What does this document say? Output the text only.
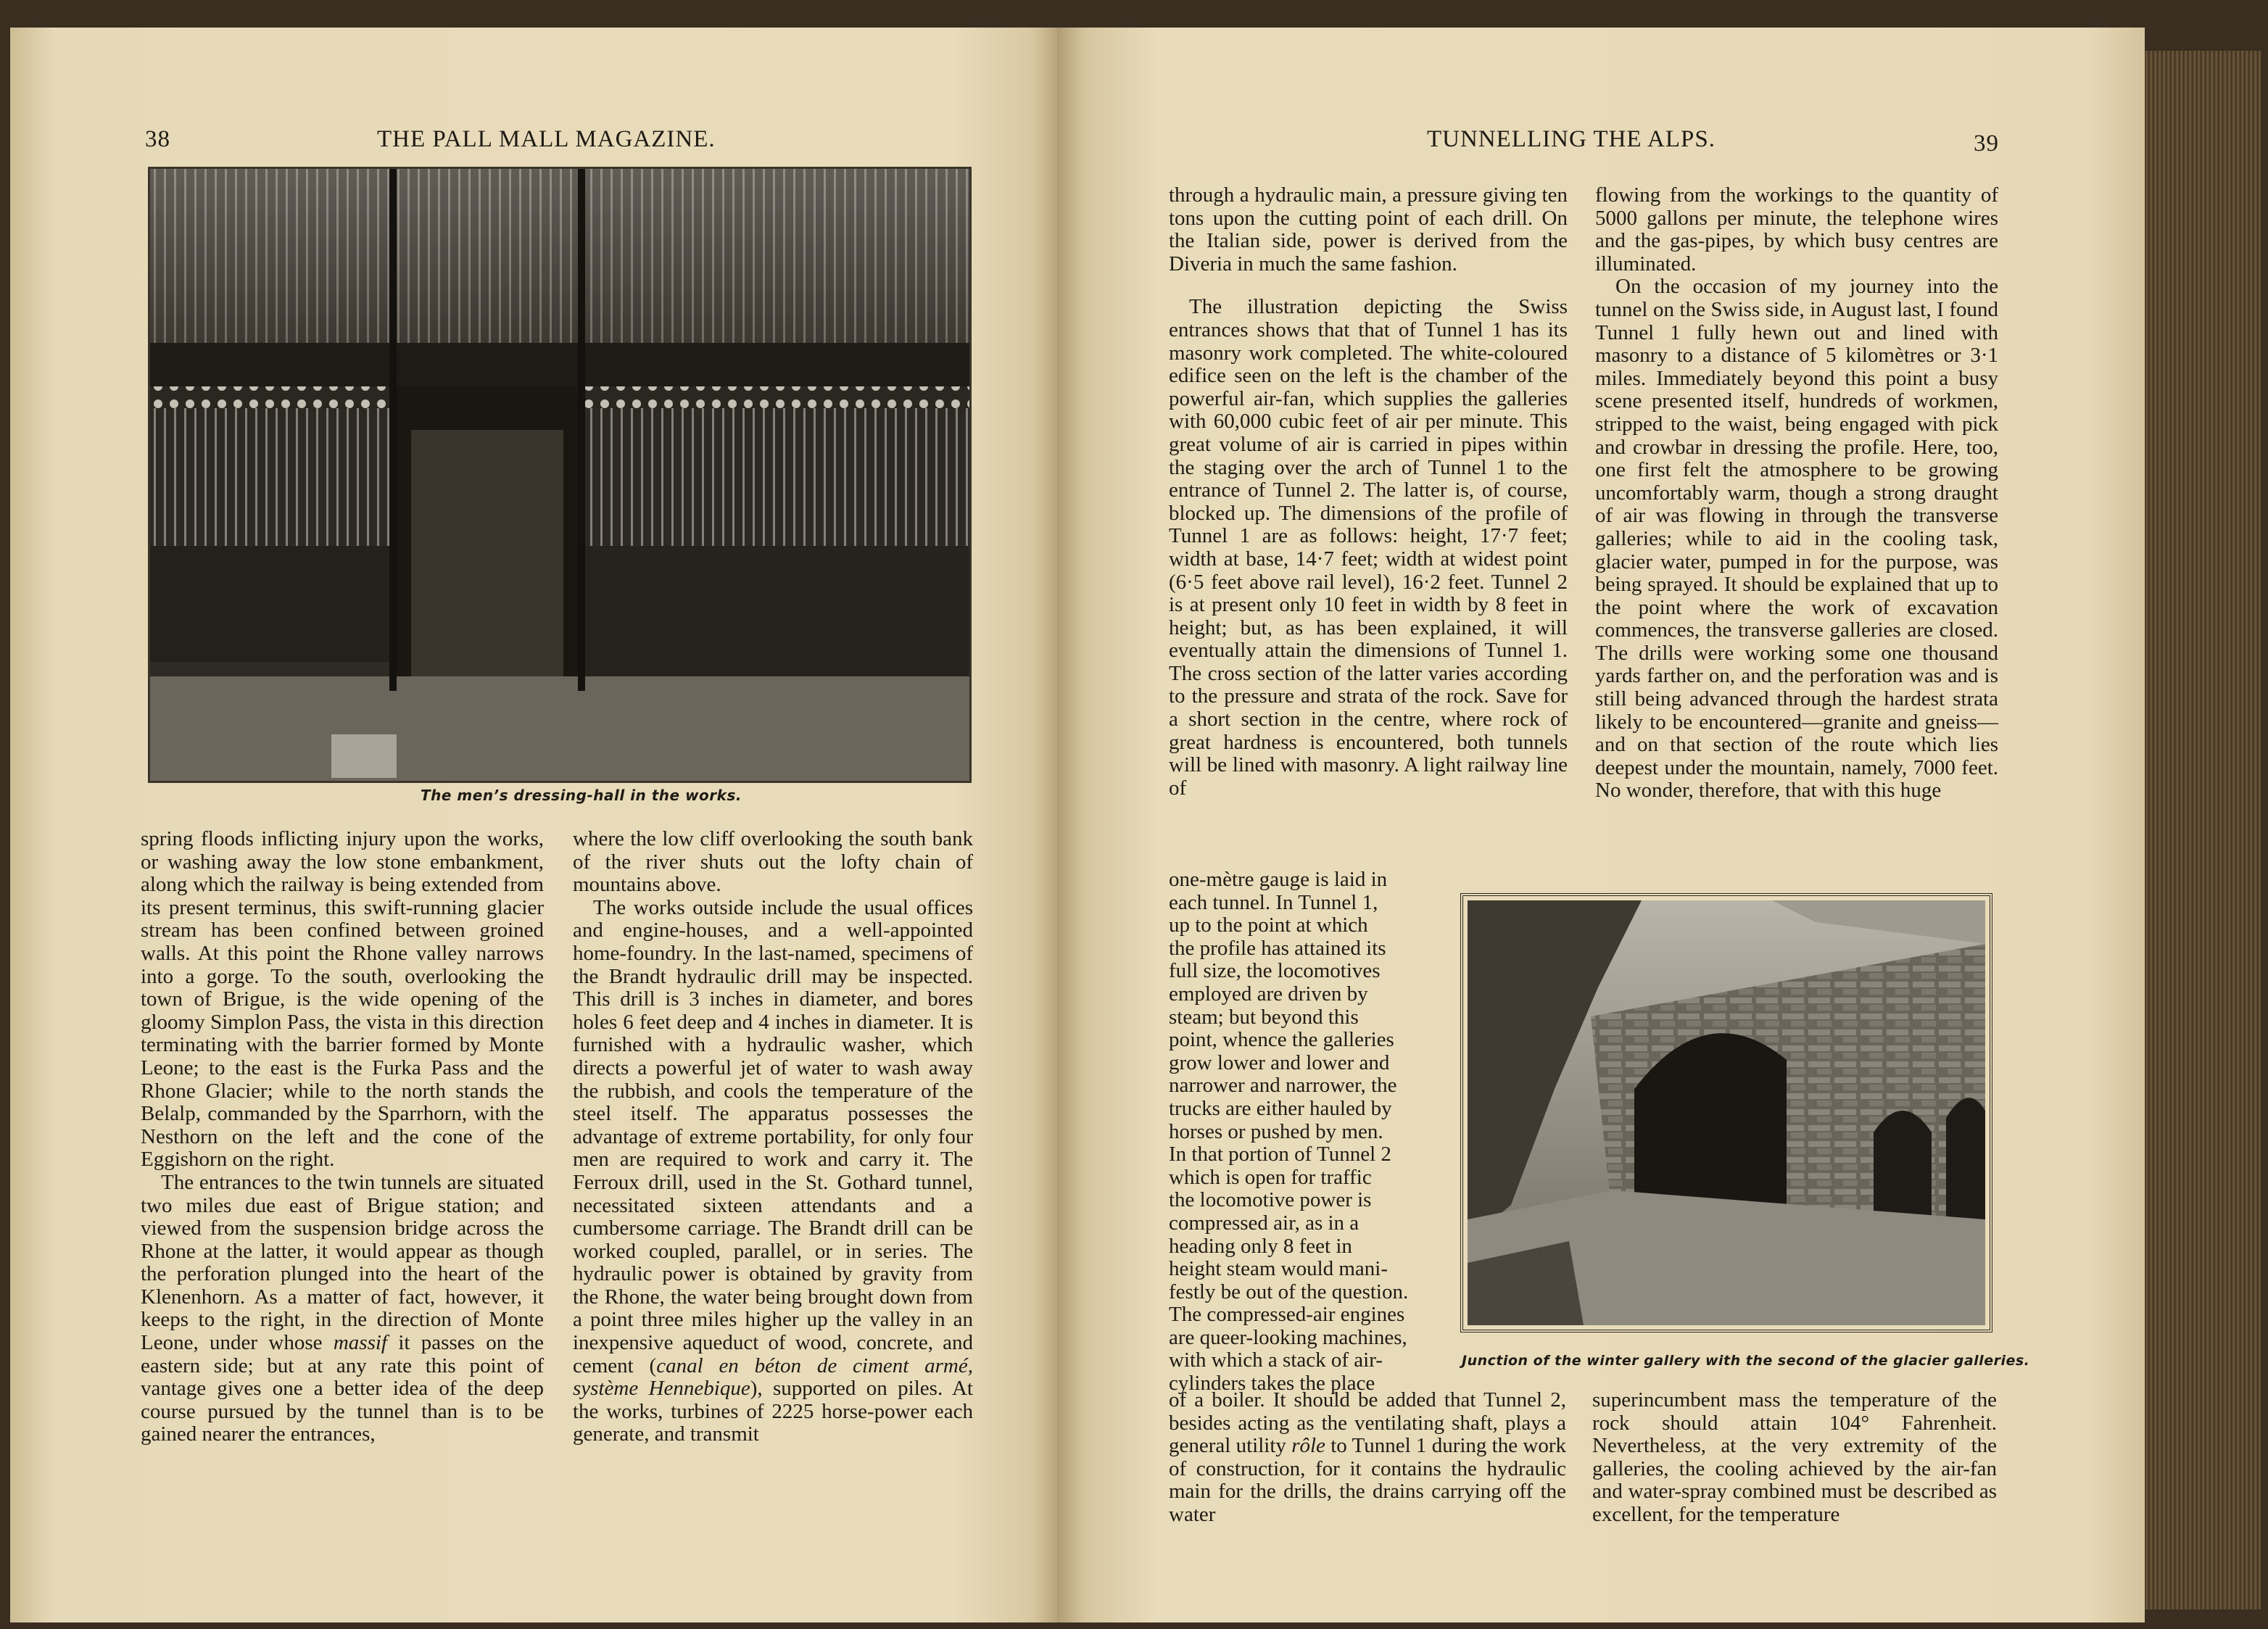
38	THE PALL MALL MAGAZINE.
The men’s dressing-hall in the works.

spring floods inflicting injury upon the works, or washing away the low stone embankment, along which the railway is being extended from its present terminus, this swift-running glacier stream has been confined between groined walls. At this point the Rhone valley narrows into a gorge. To the south, overlooking the town of Brigue, is the wide opening of the gloomy Simplon Pass, the vista in this direction terminating with the barrier formed by Monte Leone; to the east is the Furka Pass and the Rhone Glacier; while to the north stands the Belalp, commanded by the Sparrhorn, with the Nesthorn on the left and the cone of the Eggishorn on the right.

The entrances to the twin tunnels are situated two miles due east of Brigue station; and viewed from the suspension bridge across the Rhone at the latter, it would appear as though the perforation plunged into the heart of the Klenenhorn. As a matter of fact, however, it keeps to the right, in the direction of Monte Leone, under whose massif it passes on the eastern side; but at any rate this point of vantage gives one a better idea of the deep course pursued by the tunnel than is to be gained nearer the entrances,

where the low cliff overlooking the south bank of the river shuts out the lofty chain of mountains above.

The works outside include the usual offices and engine-houses, and a well-appointed home-foundry. In the last-named, specimens of the Brandt hydraulic drill may be inspected. This drill is 3 inches in diameter, and bores holes 6 feet deep and 4 inches in diameter. It is furnished with a hydraulic washer, which directs a powerful jet of water to wash away the rubbish, and cools the temperature of the steel itself. The apparatus possesses the advantage of extreme portability, for only four men are required to work and carry it. The Ferroux drill, used in the St. Gothard tunnel, necessitated sixteen attendants and a cumbersome carriage. The Brandt drill can be worked coupled, parallel, or in series. The hydraulic power is obtained by gravity from the Rhone, the water being brought down from a point three miles higher up the valley in an inexpensive aqueduct of wood, concrete, and cement (canal en béton de ciment armé, système Hennebique), supported on piles. At the works, turbines of 2225 horse-power each generate, and transmit

TUNNELLING THE ALPS.	39

through a hydraulic main, a pressure giving ten tons upon the cutting point of each drill. On the Italian side, power is derived from the Diveria in much the same fashion.

The illustration depicting the Swiss entrances shows that that of Tunnel 1 has its masonry work completed. The white-coloured edifice seen on the left is the chamber of the powerful air-fan, which supplies the galleries with 60,000 cubic feet of air per minute. This great volume of air is carried in pipes within the staging over the arch of Tunnel 1 to the entrance of Tunnel 2. The latter is, of course, blocked up. The dimensions of the profile of Tunnel 1 are as follows: height, 17·7 feet; width at base, 14·7 feet; width at widest point (6·5 feet above rail level), 16·2 feet. Tunnel 2 is at present only 10 feet in width by 8 feet in height; but, as has been explained, it will eventually attain the dimensions of Tunnel 1. The cross section of the latter varies according to the pressure and strata of the rock. Save for a short section in the centre, where rock of great hardness is encountered, both tunnels will be lined with masonry. A light railway line of

one-mètre gauge is laid in
each tunnel. In Tunnel 1,
up to the point at which
the profile has attained its
full size, the locomotives
employed are driven by
steam; but beyond this
point, whence the galleries
grow lower and lower and
narrower and narrower, the
trucks are either hauled by
horses or pushed by men.
In that portion of Tunnel 2
which is open for traffic
the locomotive power is
compressed air, as in a
heading only 8 feet in
height steam would mani-
festly be out of the question.
The compressed-air engines
are queer-looking machines,
with which a stack of air-
cylinders takes the place
Junction of the winter gallery with the second of the glacier galleries.

of a boiler. It should be added that Tunnel 2, besides acting as the ventilating shaft, plays a general utility rôle to Tunnel 1 during the work of construction, for it contains the hydraulic main for the drills, the drains carrying off the water

flowing from the workings to the quantity of 5000 gallons per minute, the telephone wires and the gas-pipes, by which busy centres are illuminated.

On the occasion of my journey into the tunnel on the Swiss side, in August last, I found Tunnel 1 fully hewn out and lined with masonry to a distance of 5 kilomètres or 3·1 miles. Immediately beyond this point a busy scene presented itself, hundreds of workmen, stripped to the waist, being engaged with pick and crowbar in dressing the profile. Here, too, one first felt the atmosphere to be growing uncomfortably warm, though a strong draught of air was flowing in through the transverse galleries; while to aid in the cooling task, glacier water, pumped in for the purpose, was being sprayed. It should be explained that up to the point where the work of excavation commences, the transverse galleries are closed. The drills were working some one thousand yards farther on, and the perforation was and is still being advanced through the hardest strata likely to be encountered—granite and gneiss—and on that section of the route which lies deepest under the mountain, namely, 7000 feet. No wonder, therefore, that with this huge

superincumbent mass the temperature of the rock should attain 104° Fahrenheit. Nevertheless, at the very extremity of the galleries, the cooling achieved by the air-fan and water-spray combined must be described as excellent, for the temperature
